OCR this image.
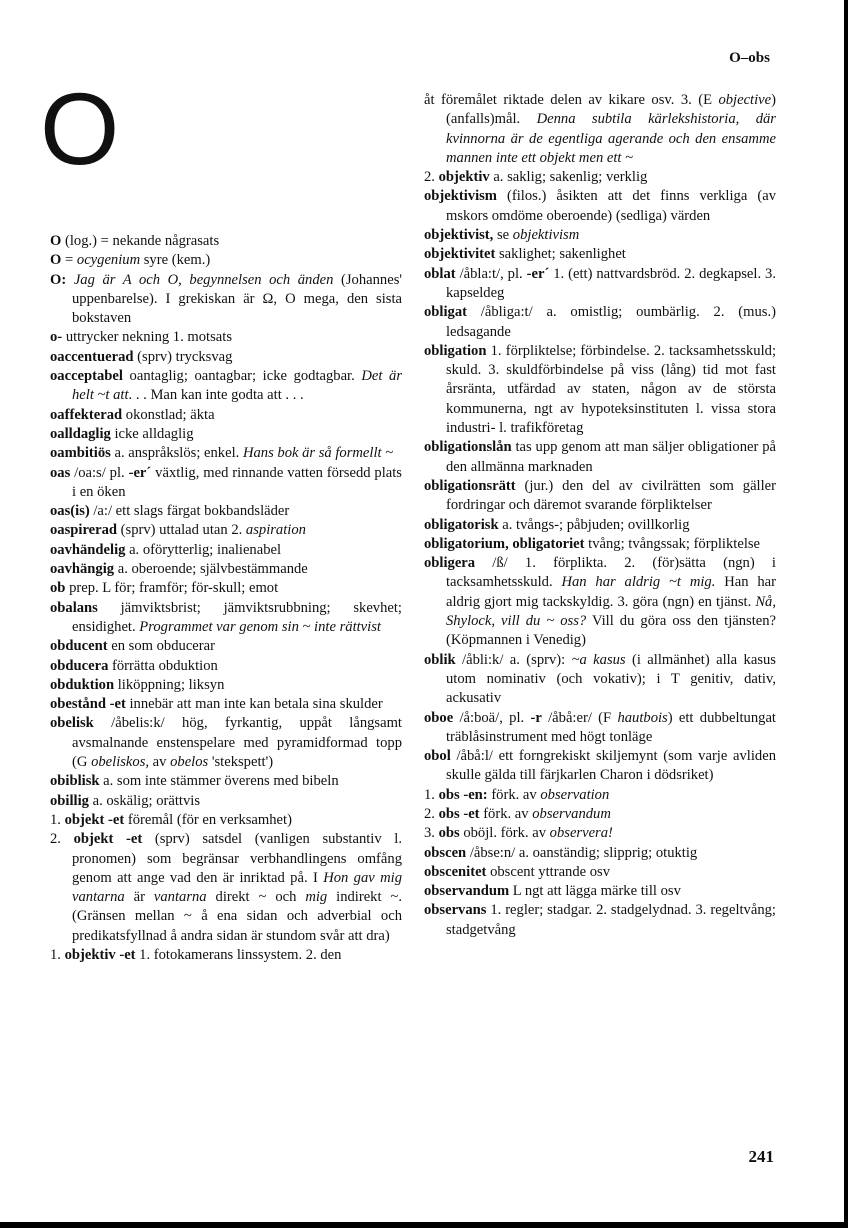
O–obs
O

O (log.) = nekande någrasats

O = ocygenium syre (kem.)

O: Jag är A och O, begynnelsen och änden (Johannes' uppenbarelse). I grekiskan är Ω, O mega, den sista bokstaven

o- uttrycker nekning 1. motsats

oaccentuerad (sprv) trycksvag

oacceptabel oantaglig; oantagbar; icke godtagbar. Det är helt ~t att. . . Man kan inte godta att . . .

oaffekterad okonstlad; äkta

oalldaglig icke alldaglig

oambitiös a. anspråkslös; enkel. Hans bok är så formellt ~

oas /oa:s/ pl. -er´ växtlig, med rinnande vatten försedd plats i en öken

oas(is) /a:/ ett slags färgat bokbandsläder

oaspirerad (sprv) uttalad utan 2. aspiration

oavhändelig a. oförytterlig; inalienabel

oavhängig a. oberoende; självbestämmande

ob prep. L för; framför; för-skull; emot

obalans jämviktsbrist; jämviktsrubbning; skevhet; ensidighet. Programmet var genom sin ~ inte rättvist

obducent en som obducerar

obducera förrätta obduktion

obduktion liköppning; liksyn

obestånd -et innebär att man inte kan betala sina skulder

obelisk /åbelis:k/ hög, fyrkantig, uppåt långsamt avsmalnande enstenspelare med pyramidformad topp (G obeliskos, av obelos 'stekspett')

obiblisk a. som inte stämmer överens med bibeln

obillig a. oskälig; orättvis

1. objekt -et föremål (för en verksamhet)

2. objekt -et (sprv) satsdel (vanligen substantiv l. pronomen) som begränsar verbhandlingens omfång genom att ange vad den är inriktad på. I Hon gav mig vantarna är vantarna direkt ~ och mig indirekt ~. (Gränsen mellan ~ å ena sidan och adverbial och predikatsfyllnad å andra sidan är stundom svår att dra)

1. objektiv -et 1. fotokamerans linssystem. 2. den

åt föremålet riktade delen av kikare osv. 3. (E objective) (anfalls)mål. Denna subtila kärlekshistoria, där kvinnorna är de egentliga agerande och den ensamme mannen inte ett objekt men ett ~

2. objektiv a. saklig; sakenlig; verklig

objektivism (filos.) åsikten att det finns verkliga (av mskors omdöme oberoende) (sedliga) värden

objektivist, se objektivism

objektivitet saklighet; sakenlighet

oblat /åbla:t/, pl. -er´ 1. (ett) nattvardsbröd. 2. degkapsel. 3. kapseldeg

obligat /åbliga:t/ a. omistlig; oumbärlig. 2. (mus.) ledsagande

obligation 1. förpliktelse; förbindelse. 2. tacksamhetsskuld; skuld. 3. skuldförbindelse på viss (lång) tid mot fast årsränta, utfärdad av staten, någon av de största kommunerna, ngt av hypoteksinstituten l. vissa stora industri- l. trafikföretag

obligationslån tas upp genom att man säljer obligationer på den allmänna marknaden

obligationsrätt (jur.) den del av civilrätten som gäller fordringar och däremot svarande förpliktelser

obligatorisk a. tvångs-; påbjuden; ovillkorlig

obligatorium, obligatoriet tvång; tvångssak; förpliktelse

obligera /ß/ 1. förplikta. 2. (för)sätta (ngn) i tacksamhetsskuld. Han har aldrig ~t mig. Han har aldrig gjort mig tackskyldig. 3. göra (ngn) en tjänst. Nå, Shylock, vill du ~ oss? Vill du göra oss den tjänsten? (Köpmannen i Venedig)

oblik /åbli:k/ a. (sprv): ~a kasus (i allmänhet) alla kasus utom nominativ (och vokativ); i T genitiv, dativ, ackusativ

oboe /å:boä/, pl. -r /åbå:er/ (F hautbois) ett dubbeltungat träblåsinstrument med högt tonläge

obol /åbå:l/ ett forngrekiskt skiljemynt (som varje avliden skulle gälda till färjkarlen Charon i dödsriket)

1. obs -en: förk. av observation

2. obs -et förk. av observandum

3. obs oböjl. förk. av observera!

obscen /åbse:n/ a. oanständig; slipprig; otuktig

obscenitet obscent yttrande osv

observandum L ngt att lägga märke till osv

observans 1. regler; stadgar. 2. stadgelydnad. 3. regeltvång; stadgetvång

241
